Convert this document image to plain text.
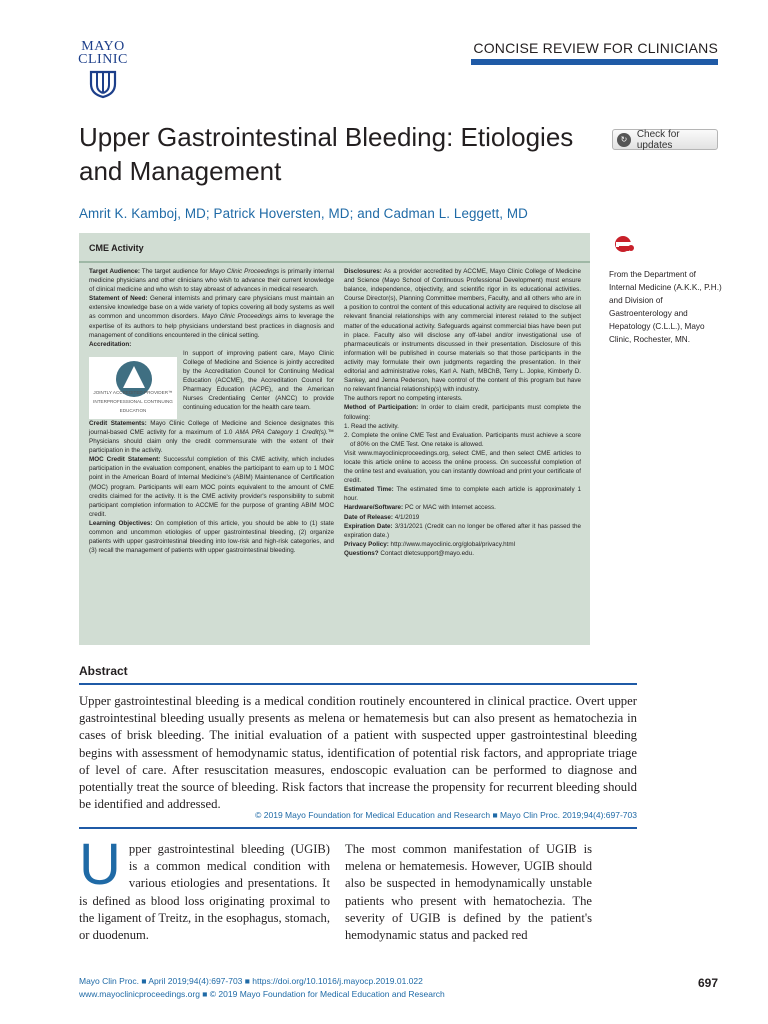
MAYO
CLINIC
CONCISE REVIEW FOR CLINICIANS
Upper Gastrointestinal Bleeding: Etiologies and Management
↻ Check for updates
Amrit K. Kamboj, MD; Patrick Hoversten, MD; and Cadman L. Leggett, MD
CME Activity

Target Audience: The target audience for Mayo Clinic Proceedings is primarily internal medicine physicians and other clinicians who wish to advance their current knowledge of clinical medicine and who wish to stay abreast of advances in medical research.

Statement of Need: General internists and primary care physicians must maintain an extensive knowledge base on a wide variety of topics covering all body systems as well as common and uncommon disorders. Mayo Clinic Proceedings aims to leverage the expertise of its authors to help physicians understand best practices in diagnosis and management of conditions encountered in the clinical setting.

Accreditation:

JOINTLY ACCREDITED PROVIDER™
INTERPROFESSIONAL CONTINUING EDUCATION
In support of improving patient care, Mayo Clinic College of Medicine and Science is jointly accredited by the Accreditation Council for Continuing Medical Education (ACCME), the Accreditation Council for Pharmacy Education (ACPE), and the American Nurses Credentialing Center (ANCC) to provide continuing education for the health care team.

Credit Statements: Mayo Clinic College of Medicine and Science designates this journal-based CME activity for a maximum of 1.0 AMA PRA Category 1 Credit(s).™ Physicians should claim only the credit commensurate with the extent of their participation in the activity.

MOC Credit Statement: Successful completion of this CME activity, which includes participation in the evaluation component, enables the participant to earn up to 1 MOC point in the American Board of Internal Medicine's (ABIM) Maintenance of Certification (MOC) program. Participants will earn MOC points equivalent to the amount of CME credits claimed for the activity. It is the CME activity provider's responsibility to submit participant completion information to ACCME for the purpose of granting ABIM MOC credit.

Learning Objectives: On completion of this article, you should be able to (1) state common and uncommon etiologies of upper gastrointestinal bleeding, (2) organize patients with upper gastrointestinal bleeding into low-risk and high-risk categories, and (3) recall the management of patients with upper gastrointestinal bleeding.

Disclosures: As a provider accredited by ACCME, Mayo Clinic College of Medicine and Science (Mayo School of Continuous Professional Development) must ensure balance, independence, objectivity, and scientific rigor in its educational activities. Course Director(s), Planning Committee members, Faculty, and all others who are in a position to control the content of this educational activity are required to disclose all relevant financial relationships with any commercial interest related to the subject matter of the educational activity. Safeguards against commercial bias have been put in place. Faculty also will disclose any off-label and/or investigational use of pharmaceuticals or instruments discussed in their presentation. Disclosure of this information will be published in course materials so that those participants in the activity may formulate their own judgments regarding the presentation. In their editorial and administrative roles, Karl A. Nath, MBChB, Terry L. Jopke, Kimberly D. Sankey, and Jenna Pederson, have control of the content of this program but have no relevant financial relationship(s) with industry.

The authors report no competing interests.

Method of Participation: In order to claim credit, participants must complete the following:

1. Read the activity.

2. Complete the online CME Test and Evaluation. Participants must achieve a score of 80% on the CME Test. One retake is allowed.

Visit www.mayoclinicproceedings.org, select CME, and then select CME articles to locate this article online to access the online process. On successful completion of the online test and evaluation, you can instantly download and print your certificate of credit.

Estimated Time: The estimated time to complete each article is approximately 1 hour.

Hardware/Software: PC or MAC with Internet access.

Date of Release: 4/1/2019

Expiration Date: 3/31/2021 (Credit can no longer be offered after it has passed the expiration date.)

Privacy Policy: http://www.mayoclinic.org/global/privacy.html

Questions? Contact dletcsupport@mayo.edu.

From the Department of Internal Medicine (A.K.K., P.H.) and Division of Gastroenterology and Hepatology (C.L.L.), Mayo Clinic, Rochester, MN.
Abstract
Upper gastrointestinal bleeding is a medical condition routinely encountered in clinical practice. Overt upper gastrointestinal bleeding usually presents as melena or hematemesis but can also present as hematochezia in cases of brisk bleeding. The initial evaluation of a patient with suspected upper gastrointestinal bleeding begins with assessment of hemodynamic status, identification of potential risk factors, and appropriate triage of level of care. After resuscitation measures, endoscopic evaluation can be performed to diagnose and potentially treat the source of bleeding. Risk factors that increase the propensity for recurrent bleeding should be identified and addressed.
© 2019 Mayo Foundation for Medical Education and Research ■ Mayo Clin Proc. 2019;94(4):697-703
Upper gastrointestinal bleeding (UGIB) is a common medical condition with various etiologies and presentations. It is defined as blood loss originating proximal to the ligament of Treitz, in the esophagus, stomach, or duodenum.
The most common manifestation of UGIB is melena or hematemesis. However, UGIB should also be suspected in hemodynamically unstable patients who present with hematochezia. The severity of UGIB is defined by the patient's hemodynamic status and packed red
Mayo Clin Proc. ■ April 2019;94(4):697-703 ■ https://doi.org/10.1016/j.mayocp.2019.01.022
www.mayoclinicproceedings.org ■ © 2019 Mayo Foundation for Medical Education and Research
697
